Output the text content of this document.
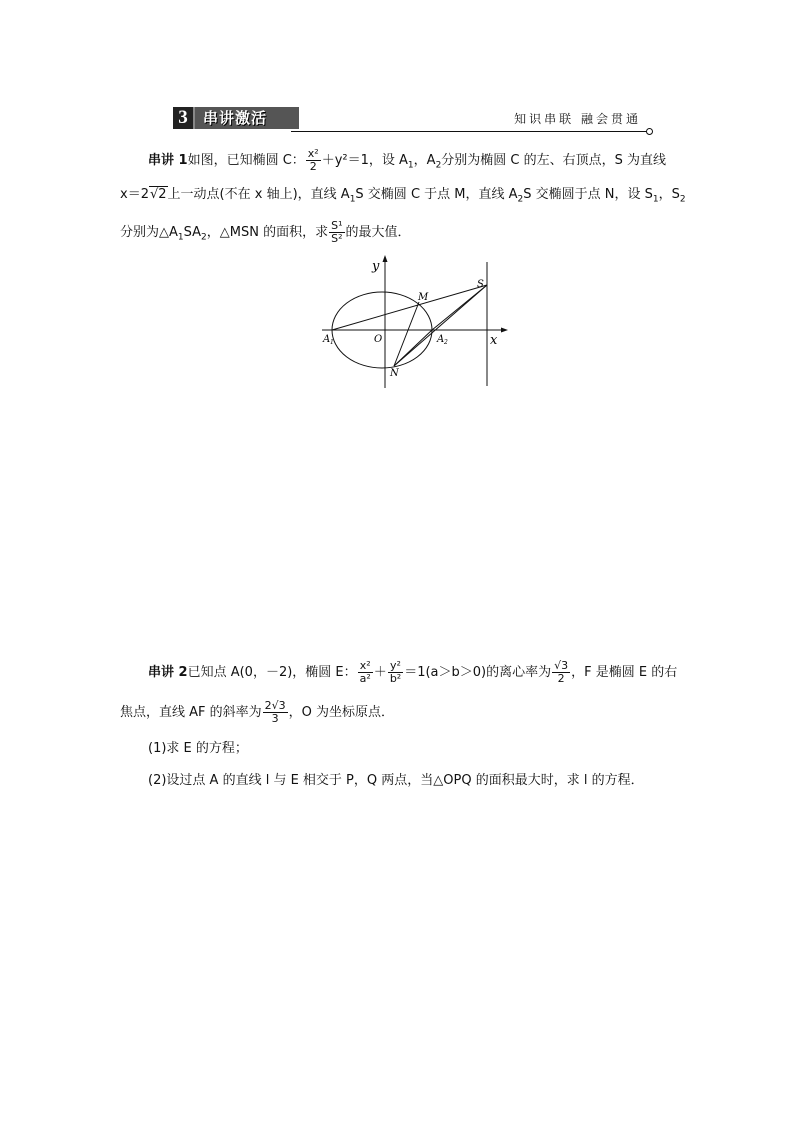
3	串讲激活	知识串联 融会贯通
串讲 1如图，已知椭圆 C： $\frac{\text{x²}}{2} +y^2=1$，设 $A_1$，$A_2$分别为椭圆 C 的左、右顶点，S 为直线
x＝2√2上一动点(不在 x 轴上)，直线 $A_1S$ 交椭圆 C 于点 M，直线 $A_2S$ 交椭圆于点 N，设 $S_1$，$S_2$
分别为$\triangle A_1SA_2$，△MSN 的面积，求 $\frac{\text{S¹}}{\text{S²}}$ 的最大值．
y
x
O
A 1	A 2
M
N
S
串讲 2已知点 A(0，－2)，椭圆 E： $\frac{\text{x²}}{\text{a²}} + \frac{\text{y²}}{\text{b²}} =1(a>b>0)$的离心率为 $\frac{√3}{2}$ ，F 是椭圆 E 的右
焦点，直线 AF 的斜率为 $\frac{2√3}{3}$ ，O 为坐标原点．
(1)求 E 的方程；
(2)设过点 A 的直线 l 与 E 相交于 P，Q 两点，当△OPQ 的面积最大时，求 l 的方程．
